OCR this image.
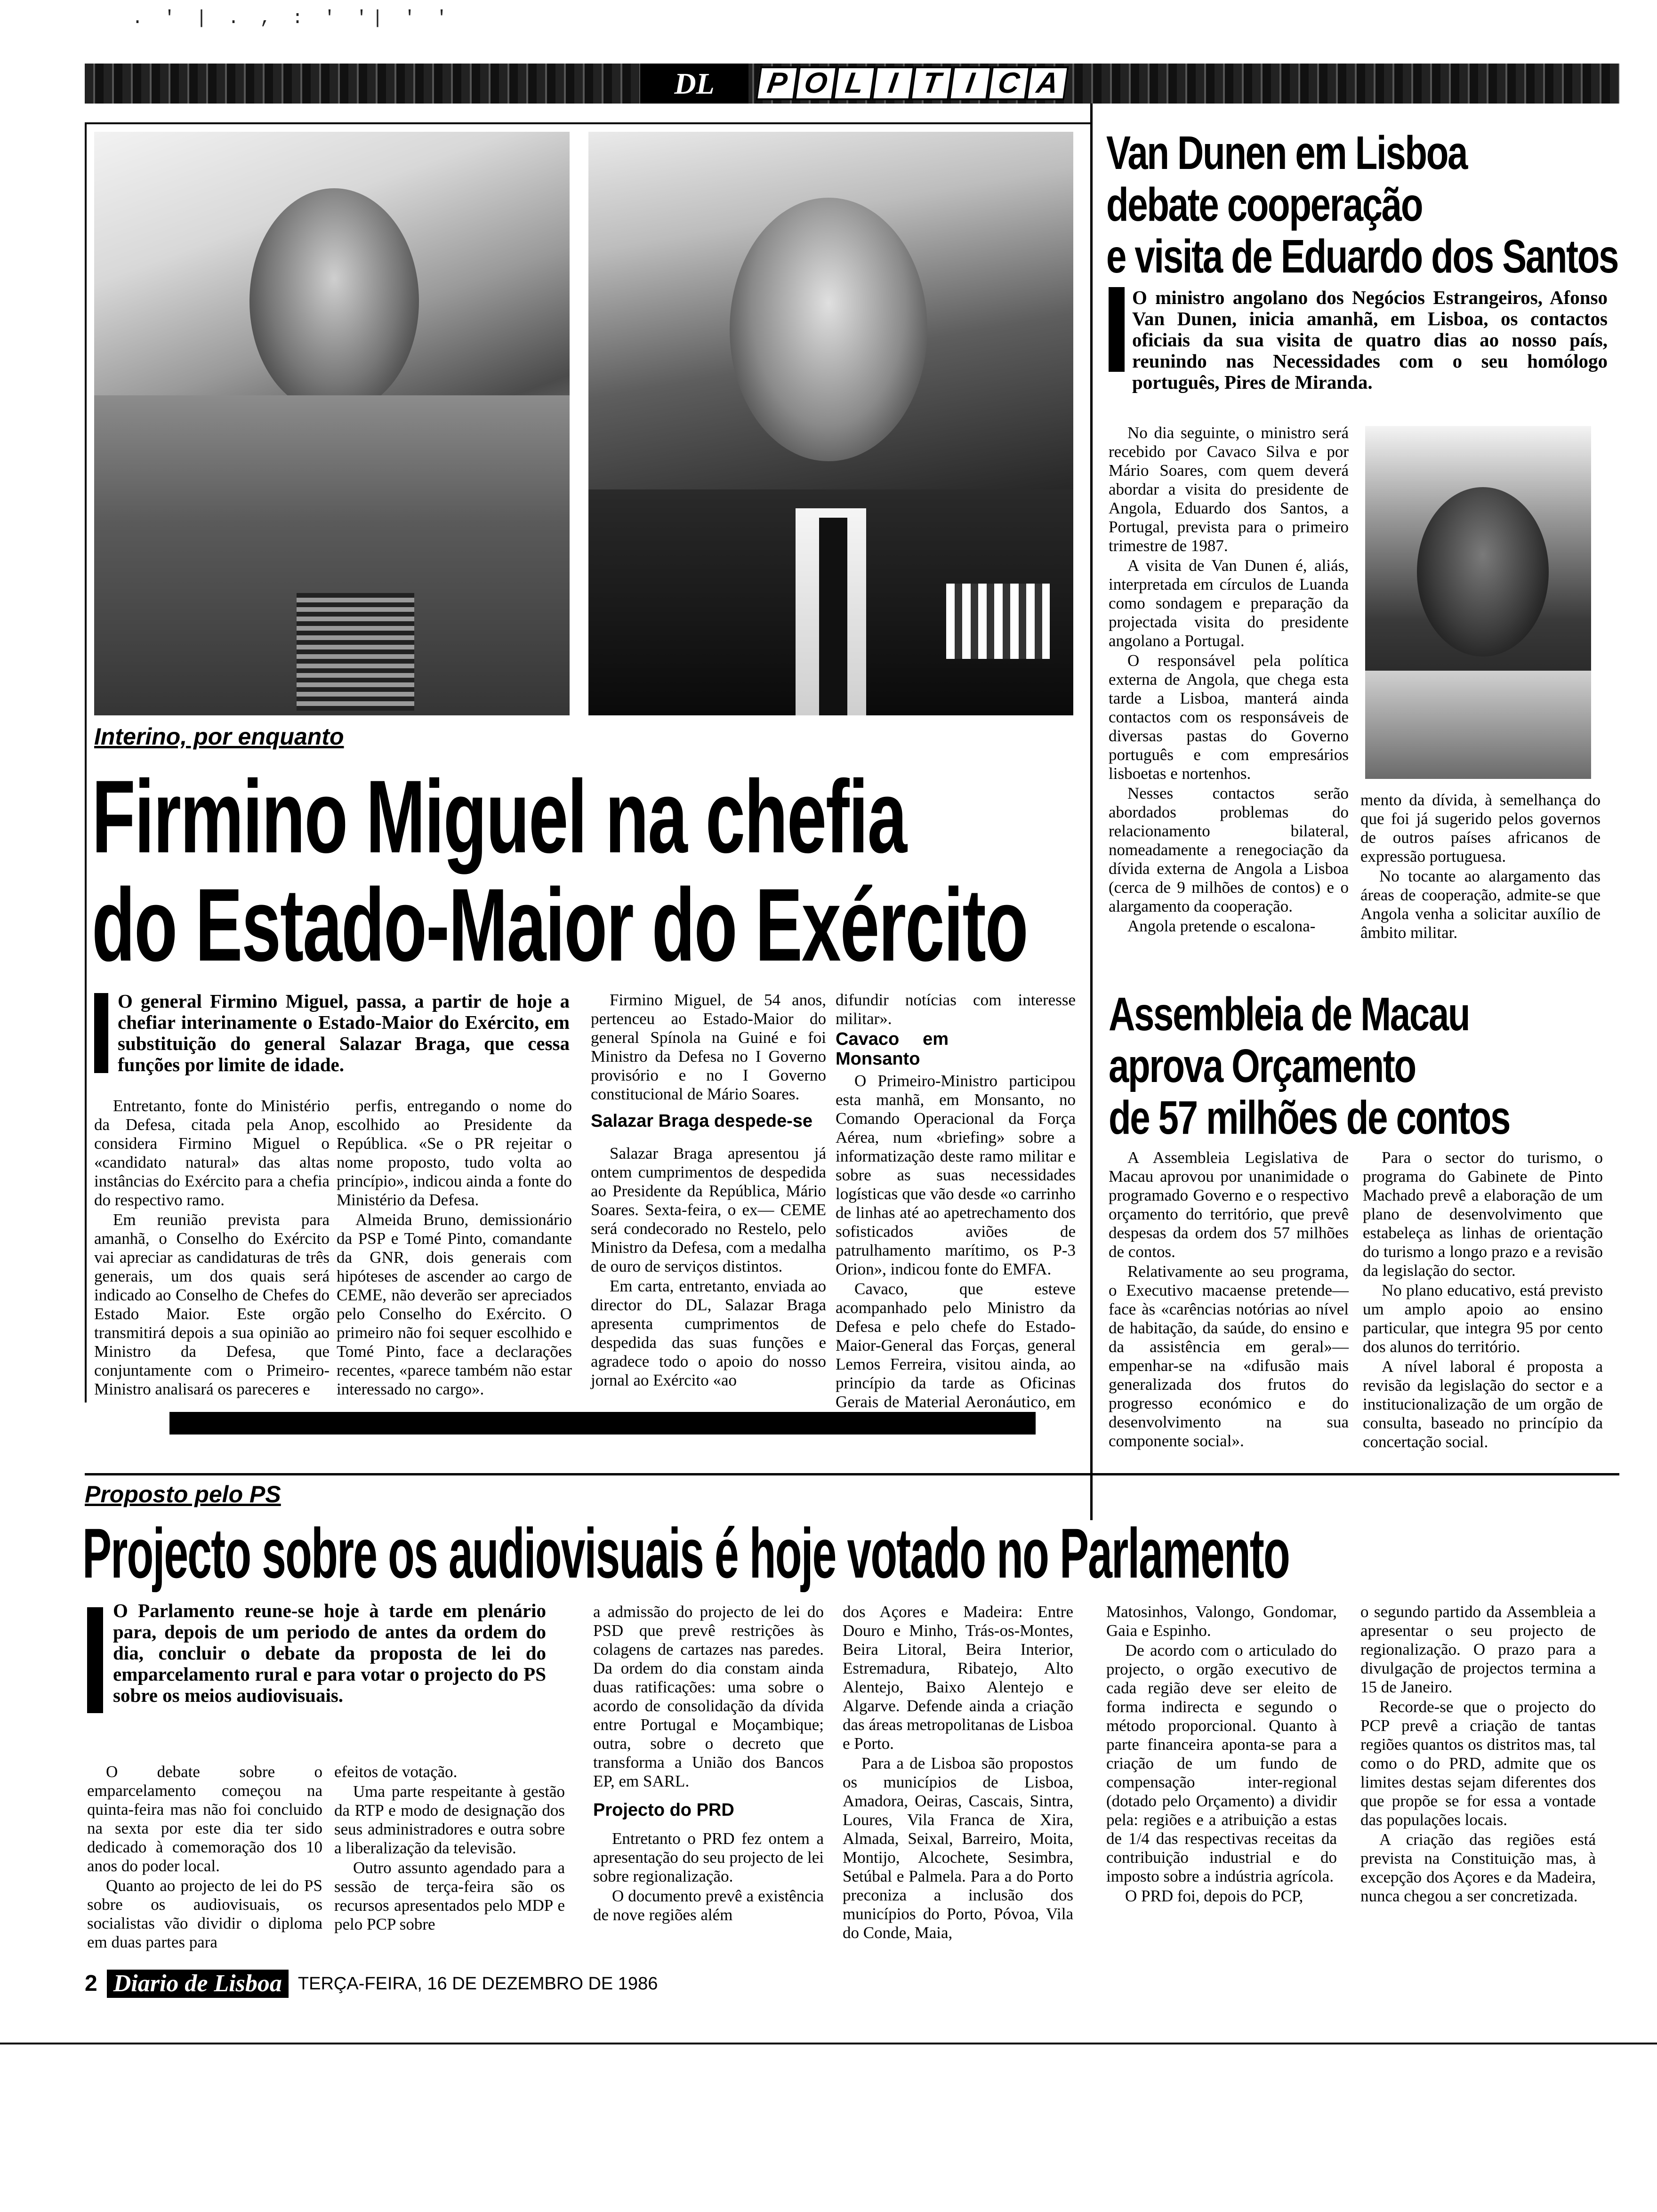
. ' | . , : ' '| ' '
DL	P O L I T I C A
Interino, por enquanto
Firmino Miguel na chefia
do Estado-Maior do Exército
O general Firmino Miguel, passa, a partir de hoje a chefiar interinamente o Estado-Maior do Exército, em substituição do general Salazar Braga, que cessa funções por limite de idade.

Entretanto, fonte do Ministério da Defesa, citada pela Anop, considera Firmino Miguel o «candidato natural» das altas instâncias do Exército para a chefia do respectivo ramo.

Em reunião prevista para amanhã, o Conselho do Exército vai apreciar as candidaturas de três generais, um dos quais será indicado ao Conselho de Chefes do Estado Maior. Este orgão transmitirá depois a sua opinião ao Ministro da Defesa, que conjuntamente com o Primeiro-Ministro analisará os pareceres e

perfis, entregando o nome do escolhido ao Presidente da República. «Se o PR rejeitar o nome proposto, tudo volta ao princípio», indicou ainda a fonte do Ministério da Defesa.

Almeida Bruno, demissionário da PSP e Tomé Pinto, comandante da GNR, dois generais com hipóteses de ascender ao cargo de CEME, não deverão ser apreciados pelo Conselho do Exército. O primeiro não foi sequer escolhido e Tomé Pinto, face a declarações recentes, «parece também não estar interessado no cargo».

Firmino Miguel, de 54 anos, pertenceu ao Estado-Maior do general Spínola na Guiné e foi Ministro da Defesa no I Governo provisório e no I Governo constitucional de Mário Soares.

Salazar Braga despede-se

Salazar Braga apresentou já ontem cumprimentos de despedida ao Presidente da República, Mário Soares. Sexta-feira, o ex— CEME será condecorado no Restelo, pelo Ministro da Defesa, com a medalha de ouro de serviços distintos.

Em carta, entretanto, enviada ao director do DL, Salazar Braga apresenta cumprimentos de despedida das suas funções e agradece todo o apoio do nosso jornal ao Exército «ao

difundir notícias com interesse militar».

Cavaco em Monsanto

O Primeiro-Ministro participou esta manhã, em Monsanto, no Comando Operacional da Força Aérea, num «briefing» sobre a informatização deste ramo militar e sobre as suas necessidades logísticas que vão desde «o carrinho de linhas até ao apetrechamento dos sofisticados aviões de patrulhamento marítimo, os P-3 Orion», indicou fonte do EMFA.

Cavaco, que esteve acompanhado pelo Ministro da Defesa e pelo chefe do Estado-Maior-General das Forças, general Lemos Ferreira, visitou ainda, ao princípio da tarde as Oficinas Gerais de Material Aeronáutico, em

Van Dunen em Lisboa
debate cooperação
e visita de Eduardo dos Santos
O ministro angolano dos Negócios Estrangeiros, Afonso Van Dunen, inicia amanhã, em Lisboa, os contactos oficiais da sua visita de quatro dias ao nosso país, reunindo nas Necessidades com o seu homólogo português, Pires de Miranda.

No dia seguinte, o ministro será recebido por Cavaco Silva e por Mário Soares, com quem deverá abordar a visita do presidente de Angola, Eduardo dos Santos, a Portugal, prevista para o primeiro trimestre de 1987.

A visita de Van Dunen é, aliás, interpretada em círculos de Luanda como sondagem e preparação da projectada visita do presidente angolano a Portugal.

O responsável pela política externa de Angola, que chega esta tarde a Lisboa, manterá ainda contactos com os responsáveis de diversas pastas do Governo português e com empresários lisboetas e nortenhos.

Nesses contactos serão abordados problemas do relacionamento bilateral, nomeadamente a renegociação da dívida externa de Angola a Lisboa (cerca de 9 milhões de contos) e o alargamento da cooperação.

Angola pretende o escalona-

mento da dívida, à semelhança do que foi já sugerido pelos governos de outros países africanos de expressão portuguesa.

No tocante ao alargamento das áreas de cooperação, admite-se que Angola venha a solicitar auxílio de âmbito militar.

Assembleia de Macau
aprova Orçamento
de 57 milhões de contos

A Assembleia Legislativa de Macau aprovou por unanimidade o programado Governo e o respectivo orçamento do território, que prevê despesas da ordem dos 57 milhões de contos.

Relativamente ao seu programa, o Executivo macaense pretende— face às «carências notórias ao nível de habitação, da saúde, do ensino e da assistência em geral»— empenhar-se na «difusão mais generalizada dos frutos do progresso económico e do desenvolvimento na sua componente social».

Para o sector do turismo, o programa do Gabinete de Pinto Machado prevê a elaboração de um plano de desenvolvimento que estabeleça as linhas de orientação do turismo a longo prazo e a revisão da legislação do sector.

No plano educativo, está previsto um amplo apoio ao ensino particular, que integra 95 por cento dos alunos do território.

A nível laboral é proposta a revisão da legislação do sector e a institucionalização de um orgão de consulta, baseado no princípio da concertação social.

Proposto pelo PS
Projecto sobre os audiovisuais é hoje votado no Parlamento
O Parlamento reune-se hoje à tarde em plenário para, depois de um periodo de antes da ordem do dia, concluir o debate da proposta de lei do emparcelamento rural e para votar o projecto do PS sobre os meios audiovisuais.

O debate sobre o emparcelamento começou na quinta-feira mas não foi concluido na sexta por este dia ter sido dedicado à comemoração dos 10 anos do poder local.

Quanto ao projecto de lei do PS sobre os audiovisuais, os socialistas vão dividir o diploma em duas partes para

efeitos de votação.

Uma parte respeitante à gestão da RTP e modo de designação dos seus administradores e outra sobre a liberalização da televisão.

Outro assunto agendado para a sessão de terça-feira são os recursos apresentados pelo MDP e pelo PCP sobre

a admissão do projecto de lei do PSD que prevê restrições às colagens de cartazes nas paredes. Da ordem do dia constam ainda duas ratificações: uma sobre o acordo de consolidação da dívida entre Portugal e Moçambique; outra, sobre o decreto que transforma a União dos Bancos EP, em SARL.

Projecto do PRD

Entretanto o PRD fez ontem a apresentação do seu projecto de lei sobre regionalização.

O documento prevê a existência de nove regiões além

dos Açores e Madeira: Entre Douro e Minho, Trás-os-Montes, Beira Litoral, Beira Interior, Estremadura, Ribatejo, Alto Alentejo, Baixo Alentejo e Algarve. Defende ainda a criação das áreas metropolitanas de Lisboa e Porto.

Para a de Lisboa são propostos os municípios de Lisboa, Amadora, Oeiras, Cascais, Sintra, Loures, Vila Franca de Xira, Almada, Seixal, Barreiro, Moita, Montijo, Alcochete, Sesimbra, Setúbal e Palmela. Para a do Porto preconiza a inclusão dos municípios do Porto, Póvoa, Vila do Conde, Maia,

Matosinhos, Valongo, Gondomar, Gaia e Espinho.

De acordo com o articulado do projecto, o orgão executivo de cada região deve ser eleito de forma indirecta e segundo o método proporcional. Quanto à parte financeira aponta-se para a criação de um fundo de compensação inter-regional (dotado pelo Orçamento) a dividir pela: regiões e a atribuição a estas de 1/4 das respectivas receitas da contribuição industrial e do imposto sobre a indústria agrícola.

O PRD foi, depois do PCP,

o segundo partido da Assembleia a apresentar o seu projecto de regionalização. O prazo para a divulgação de projectos termina a 15 de Janeiro.

Recorde-se que o projecto do PCP prevê a criação de tantas regiões quantos os distritos mas, tal como o do PRD, admite que os limites destas sejam diferentes dos que propõe se for essa a vontade das populações locais.

A criação das regiões está prevista na Constituição mas, à excepção dos Açores e da Madeira, nunca chegou a ser concretizada.

2 Diario de Lisboa TERÇA-FEIRA, 16 DE DEZEMBRO DE 1986
